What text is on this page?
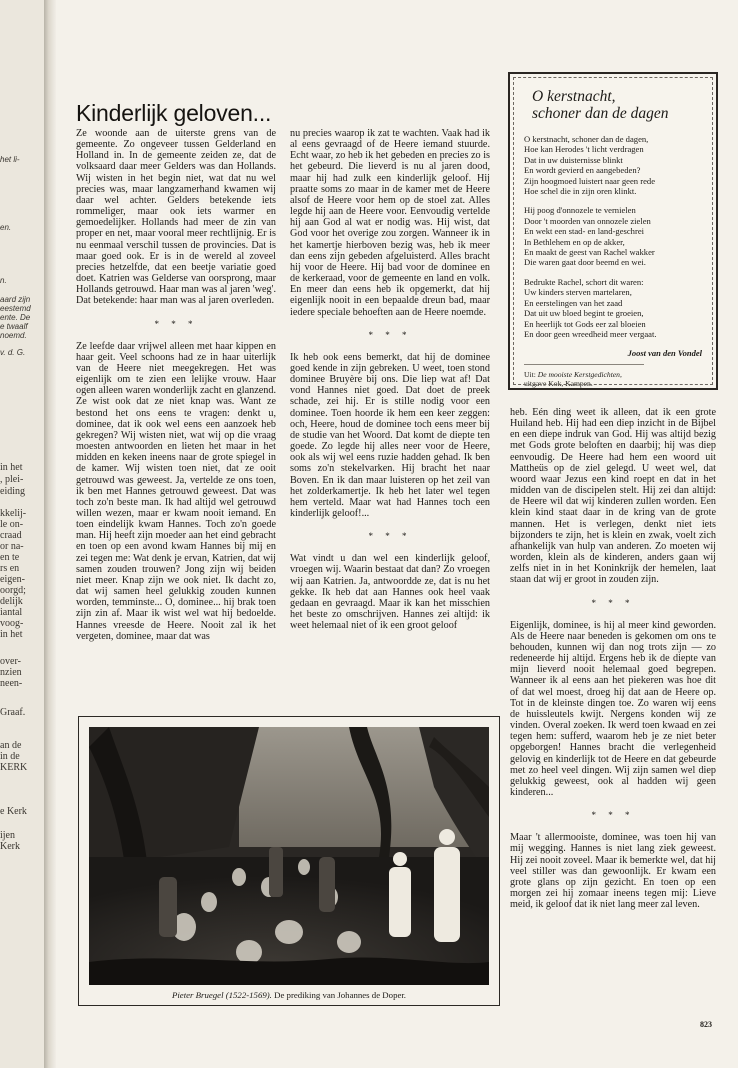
het li-
en.
n.
aard zijn
eestemd
ente. De
e twaalf
noemd.
v. d. G.
in het
, plei-
eiding
kkelij-
le on-
craad
or na-
en te
rs en
eigen-
oorgd;
delijk
iantal
voog-
in het
over-
nzien
neen-
Graaf.
an de
in de
KERK
e Kerk
ijen
Kerk
Kinderlijk geloven...

Ze woonde aan de uiterste grens van de gemeente. Zo ongeveer tussen Gelderland en Holland in. In de gemeente zeiden ze, dat de volksaard daar meer Gelders was dan Hollands. Wij wisten in het begin niet, wat dat nu wel precies was, maar langzamerhand kwamen wij daar wel achter. Gelders betekende iets rommeliger, maar ook iets warmer en gemoedelijker. Hollands had meer de zin van proper en net, maar vooral meer rechtlijnig. Er is nu eenmaal verschil tussen de provincies. Dat is maar goed ook. Er is in de wereld al zoveel precies hetzelfde, dat een beetje variatie goed doet. Katrien was Gelderse van oorsprong, maar Hollands getrouwd. Haar man was al jaren 'weg'. Dat betekende: haar man was al jaren overleden.

* * *

Ze leefde daar vrijwel alleen met haar kippen en haar geit. Veel schoons had ze in haar uiterlijk van de Heere niet meegekregen. Het was eigenlijk om te zien een lelijke vrouw. Haar ogen alleen waren wonderlijk zacht en glanzend. Ze wist ook dat ze niet knap was. Want ze bestond het ons eens te vragen: denkt u, dominee, dat ik ook wel eens een aanzoek heb gekregen? Wij wisten niet, wat wij op die vraag moesten antwoorden en lieten het maar in het midden en keken ineens naar de grote spiegel in de kamer. Wij wisten toen niet, dat ze ooit getrouwd was geweest. Ja, vertelde ze ons toen, ik ben met Hannes getrouwd geweest. Dat was toch zo'n beste man. Ik had altijd wel getrouwd willen wezen, maar er kwam nooit iemand. En toen eindelijk kwam Hannes. Toch zo'n goede man. Hij heeft zijn moeder aan het eind gebracht en toen op een avond kwam Hannes bij mij en zei tegen me: Wat denk je ervan, Katrien, dat wij samen zouden trouwen? Jong zijn wij beiden niet meer. Knap zijn we ook niet. Ik dacht zo, dat wij samen heel gelukkig zouden kunnen worden, temminste... O, dominee... hij brak toen zijn zin af. Maar ik wist wel wat hij bedoelde. Hannes vreesde de Heere. Nooit zal ik het vergeten, dominee, maar dat was

nu precies waarop ik zat te wachten. Vaak had ik al eens gevraagd of de Heere iemand stuurde. Echt waar, zo heb ik het gebeden en precies zo is het gebeurd. Die lieverd is nu al jaren dood, maar hij had zulk een kinderlijk geloof. Hij praatte soms zo maar in de kamer met de Heere alsof de Heere voor hem op de stoel zat. Alles legde hij aan de Heere voor. Eenvoudig vertelde hij aan God al wat er nodig was. Hij wist, dat God voor het overige zou zorgen. Wanneer ik in het kamertje hierboven bezig was, heb ik meer dan eens zijn gebeden afgeluisterd. Alles bracht hij voor de Heere. Hij bad voor de dominee en de kerkeraad, voor de gemeente en land en volk. En meer dan eens heb ik opgemerkt, dat hij eigenlijk nooit in een bepaalde dreun bad, maar iedere speciale behoeften aan de Heere noemde.

* * *

Ik heb ook eens bemerkt, dat hij de dominee goed kende in zijn gebreken. U weet, toen stond dominee Bruyère bij ons. Die liep wat af! Dat vond Hannes niet goed. Dat doet de preek schade, zei hij. Er is stille nodig voor een dominee. Toen hoorde ik hem een keer zeggen: och, Heere, houd de dominee toch eens meer bij de studie van het Woord. Dat komt de diepte ten goede. Zo legde hij alles neer voor de Heere, ook als wij wel eens ruzie hadden gehad. Ik ben soms zo'n stekelvarken. Hij bracht het naar Boven. En ik dan maar luisteren op het zeil van het zolderkamertje. Ik heb het later wel tegen hem verteld. Maar wat had Hannes toch een kinderlijk geloof!...

* * *

Wat vindt u dan wel een kinderlijk geloof, vroegen wij. Waarin bestaat dat dan? Zo vroegen wij aan Katrien. Ja, antwoordde ze, dat is nu het gekke. Ik heb dat aan Hannes ook heel vaak gedaan en gevraagd. Maar ik kan het misschien het beste zo omschrijven. Hannes zei altijd: ik weet helemaal niet of ik een groot geloof

O kerstnacht,
schoner dan de dagen
O kerstnacht, schoner dan de dagen,
Hoe kan Herodes 't licht verdragen
Dat in uw duisternisse blinkt
En wordt gevierd en aangebeden?
Zijn hoogmoed luistert naar geen rede
Hoe schel die in zijn oren klinkt.
Hij poog d'onnozele te vernielen
Door 't moorden van onnozele zielen
En wekt een stad- en land-geschrei
In Bethlehem en op de akker,
En maakt de geest van Rachel wakker
Die waren gaat door beemd en wei.
Bedrukte Rachel, schort dit waren:
Uw kinders sterven martelaren,
En eerstelingen van het zaad
Dat uit uw bloed begint te groeien,
En heerlijk tot Gods eer zal bloeien
En door geen wreedheid meer vergaat.
Joost van den Vondel
Uit: De mooiste Kerstgedichten,
uitgave Kok, Kampen.

heb. Eén ding weet ik alleen, dat ik een grote Huiland heb. Hij had een diep inzicht in de Bijbel en een diepe indruk van God. Hij was altijd bezig met Gods grote beloften en daarbij; hij was diep eenvoudig. De Heere had hem een woord uit Mattheüs op de ziel gelegd. U weet wel, dat woord waar Jezus een kind roept en dat in het midden van de discipelen stelt. Hij zei dan altijd: de Heere wil dat wij kinderen zullen worden. Een klein kind staat daar in de kring van de grote mannen. Het is verlegen, denkt niet iets bijzonders te zijn, het is klein en zwak, voelt zich afhankelijk van hulp van anderen. Zo moeten wij worden, klein als de kinderen, anders gaan wij zelfs niet in in het Koninkrijk der hemelen, laat staan dat wij er groot in zouden zijn.

* * *

Eigenlijk, dominee, is hij al meer kind geworden. Als de Heere naar beneden is gekomen om ons te behouden, kunnen wij dan nog trots zijn — zo redeneerde hij altijd. Ergens heb ik de diepte van mijn lieverd nooit helemaal goed begrepen. Wanneer ik al eens aan het piekeren was hoe dit of dat wel moest, droeg hij dat aan de Heere op. Tot in de kleinste dingen toe. Zo waren wij eens de huissleutels kwijt. Nergens konden wij ze vinden. Overal zoeken. Ik werd toen kwaad en zei tegen hem: sufferd, waarom heb je ze niet beter opgeborgen! Hannes bracht die verlegenheid gelovig en kinderlijk tot de Heere en dat gebeurde met zo heel veel dingen. Wij zijn samen wel diep gelukkig geweest, ook al hadden wij geen kinderen...

* * *

Maar 't allermooiste, dominee, was toen hij van mij wegging. Hannes is niet lang ziek geweest. Hij zei nooit zoveel. Maar ik bemerkte wel, dat hij veel stiller was dan gewoonlijk. Er kwam een grote glans op zijn gezicht. En toen op een morgen zei hij zomaar ineens tegen mij: Lieve meid, ik geloof dat ik niet lang meer zal leven.

Pieter Bruegel (1522-1569). De prediking van Johannes de Doper.
823
